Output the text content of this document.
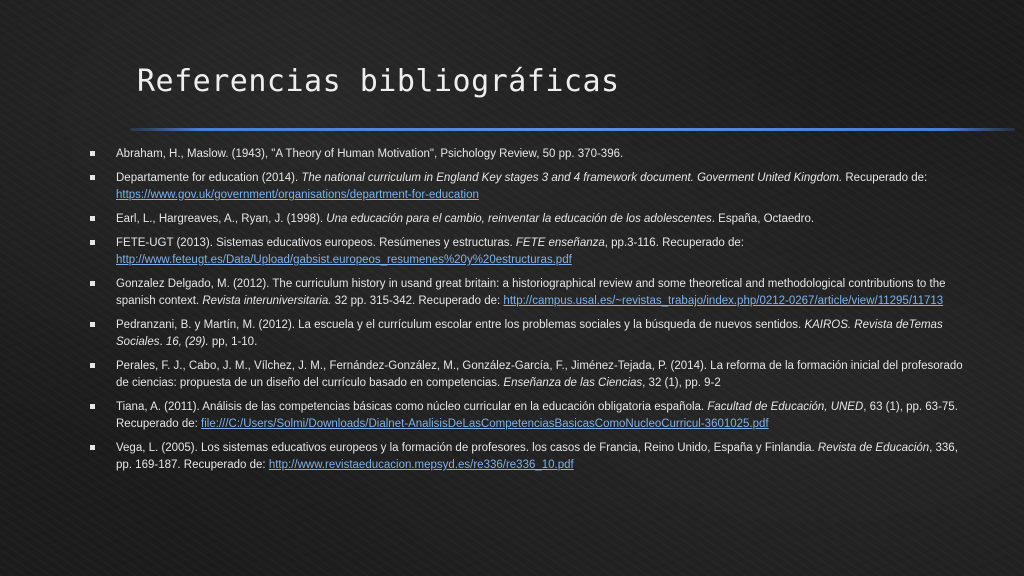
Referencias bibliográficas
Abraham, H., Maslow. (1943), "A Theory of Human Motivation", Psichology Review, 50 pp. 370-396.
Departamente for education (2014). The national curriculum in England Key stages 3 and 4 framework document. Goverment United Kingdom. Recuperado de: https://www.gov.uk/government/organisations/department-for-education
Earl, L., Hargreaves, A., Ryan, J. (1998). Una educación para el cambio, reinventar la educación de los adolescentes. España, Octaedro.
FETE-UGT (2013). Sistemas educativos europeos. Resúmenes y estructuras. FETE enseñanza, pp.3-116. Recuperado de: http://www.feteugt.es/Data/Upload/gabsist.europeos_resumenes%20y%20estructuras.pdf
Gonzalez Delgado, M. (2012). The curriculum history in usand great britain: a historiographical review and some theoretical and methodological contributions to the spanish context. Revista interuniversitaria. 32 pp. 315-342. Recuperado de: http://campus.usal.es/~revistas_trabajo/index.php/0212-0267/article/view/11295/11713
Pedranzani, B. y Martín, M. (2012). La escuela y el currículum escolar entre los problemas sociales y la búsqueda de nuevos sentidos. KAIROS. Revista deTemas Sociales. 16, (29). pp, 1-10.
Perales, F. J., Cabo, J. M., Vílchez, J. M., Fernández-González, M., González-García, F., Jiménez-Tejada, P. (2014). La reforma de la formación inicial del profesorado de ciencias: propuesta de un diseño del currículo basado en competencias. Enseñanza de las Ciencias, 32 (1), pp. 9-2
Tiana, A. (2011). Análisis de las competencias básicas como núcleo curricular en la educación obligatoria española. Facultad de Educación, UNED, 63 (1), pp. 63-75. Recuperado de: file:///C:/Users/Solmi/Downloads/Dialnet-AnalisisDeLasCompetenciasBasicasComoNucleoCurricul-3601025.pdf
Vega, L. (2005). Los sistemas educativos europeos y la formación de profesores. los casos de Francia, Reino Unido, España y Finlandia. Revista de Educación, 336, pp. 169-187. Recuperado de: http://www.revistaeducacion.mepsyd.es/re336/re336_10.pdf
